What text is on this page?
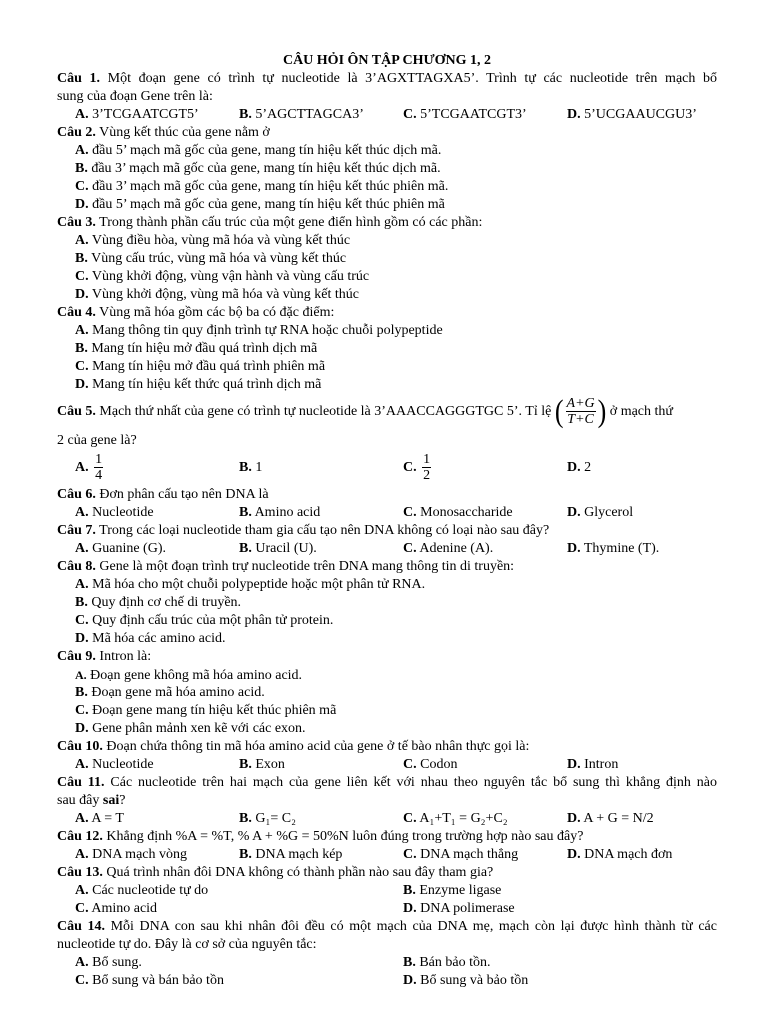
CÂU HỎI ÔN TẬP CHƯƠNG 1, 2
Câu 1. Một đoạn gene có trình tự nucleotide là 3’AGXTTAGXA5’. Trình tự các nucleotide trên mạch bổ
sung của đoạn Gene trên là:
A. 3’TCGAATCGT5’	B. 5’AGCTTAGCA3’	C. 5’TCGAATCGT3’	D. 5’UCGAAUCGU3’
Câu 2. Vùng kết thúc của gene nằm ở
A. đầu 5’ mạch mã gốc của gene, mang tín hiệu kết thúc dịch mã.
B. đầu 3’ mạch mã gốc của gene, mang tín hiệu kết thúc dịch mã.
C. đầu 3’ mạch mã gốc của gene, mang tín hiệu kết thúc phiên mã.
D. đầu 5’ mạch mã gốc của gene, mang tín hiệu kết thúc phiên mã
Câu 3. Trong thành phần cấu trúc của một gene điển hình gồm có các phần:
A. Vùng điều hòa, vùng mã hóa và vùng kết thúc
B. Vùng cấu trúc, vùng mã hóa và vùng kết thúc
C. Vùng khởi động, vùng vận hành và vùng cấu trúc
D. Vùng khởi động, vùng mã hóa và vùng kết thúc
Câu 4. Vùng mã hóa gồm các bộ ba có đặc điểm:
A. Mang thông tin quy định trình tự RNA hoặc chuỗi polypeptide
B. Mang tín hiệu mở đầu quá trình dịch mã
C. Mang tín hiệu mở đầu quá trình phiên mã
D. Mang tín hiệu kết thức quá trình dịch mã
Câu 5. Mạch thứ nhất của gene có trình tự nucleotide là 3’AAACCAGGGTGC 5’. Tỉ lệ ( $\frac{A+G}{T+C}$ ) ở mạch thứ
2 của gene là?
A. $\frac{1}{4}$	B. 1	C. $\frac{1}{2}$	D. 2
Câu 6. Đơn phân cấu tạo nên DNA là
A. Nucleotide	B. Amino acid	C. Monosaccharide	D. Glycerol
Câu 7. Trong các loại nucleotide tham gia cấu tạo nên DNA không có loại nào sau đây?
A. Guanine (G).	B. Uracil (U).	C. Adenine (A).	D. Thymine (T).
Câu 8. Gene là một đoạn trình trự nucleotide trên DNA mang thông tin di truyền:
A. Mã hóa cho một chuỗi polypeptide hoặc một phân tử RNA.
B. Quy định cơ chế di truyền.
C. Quy định cấu trúc của một phân tử protein.
D. Mã hóa các amino acid.
Câu 9. Intron là:
A. Đoạn gene không mã hóa amino acid.
B. Đoạn gene mã hóa amino acid.
C. Đoạn gene mang tín hiệu kết thúc phiên mã
D. Gene phân mảnh xen kẽ với các exon.
Câu 10. Đoạn chứa thông tin mã hóa amino acid của gene ở tế bào nhân thực gọi là:
A. Nucleotide	B. Exon	C. Codon	D. Intron
Câu 11. Các nucleotide trên hai mạch của gene liên kết với nhau theo nguyên tắc bổ sung thì khẳng định nào
sau đây sai?
A. A = T	B. G₁= C₂	C. A₁+T₁ = G₂+C₂	D. A + G = N/2
Câu 12. Khẳng định %A = %T, % A + %G = 50%N luôn đúng trong trường hợp nào sau đây?
A. DNA mạch vòng	B. DNA mạch kép	C. DNA mạch thẳng	D. DNA mạch đơn
Câu 13. Quá trình nhân đôi DNA không có thành phần nào sau đây tham gia?
A. Các nucleotide tự do	B. Enzyme ligase
C. Amino acid	D. DNA polimerase
Câu 14. Mỗi DNA con sau khi nhân đôi đều có một mạch của DNA mẹ, mạch còn lại được hình thành từ các
nucleotide tự do. Đây là cơ sở của nguyên tắc:
A. Bổ sung.	B. Bán bảo tồn.
C. Bổ sung và bán bảo tồn	D. Bổ sung và bảo tồn
